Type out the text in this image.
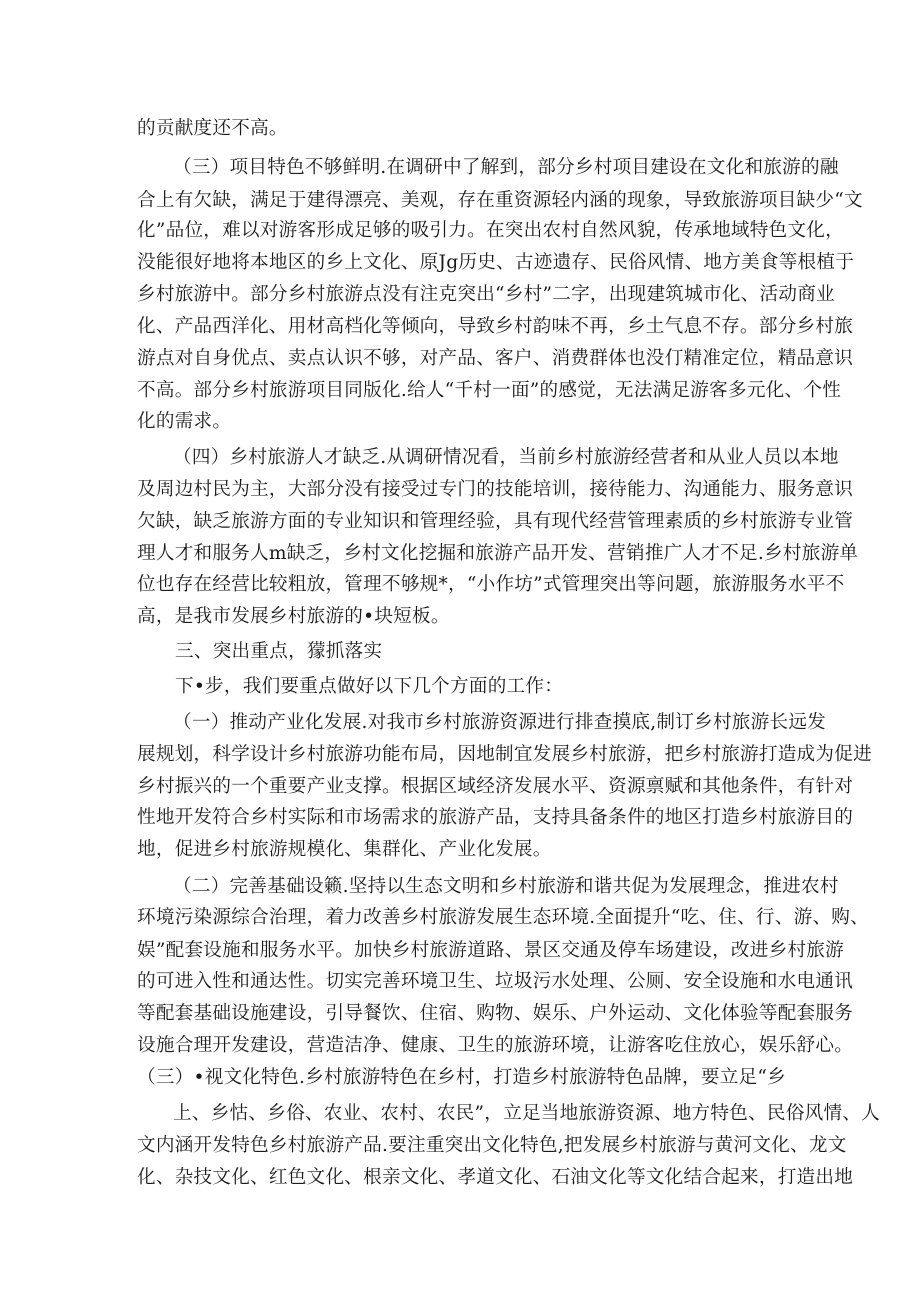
的贡献度还不高。
（三）项目特色不够鲜明.在调研中了解到，部分乡村项目建设在文化和旅游的融
合上有欠缺，满足于建得漂亮、美观，存在重资源轻内涵的现象，导致旅游项目缺少“文
化”品位，难以对游客形成足够的吸引力。在突出农村自然风貌，传承地域特色文化，
没能很好地将本地区的乡上文化、原Jg历史、古迹遗存、民俗风情、地方美食等根植于
乡村旅游中。部分乡村旅游点没有注克突出“乡村”二字，出现建筑城市化、活动商业
化、产品西洋化、用材高档化等倾向，导致乡村韵味不再，乡土气息不存。部分乡村旅
游点对自身优点、卖点认识不够，对产品、客户、消费群体也没仃精准定位，精品意识
不高。部分乡村旅游项目同版化.给人“千村一面”的感觉，无法满足游客多元化、个性
化的需求。
（四）乡村旅游人才缺乏.从调研情况看，当前乡村旅游经营者和从业人员以本地
及周边村民为主，大部分没有接受过专门的技能培训，接待能力、沟通能力、服务意识
欠缺，缺乏旅游方面的专业知识和管理经验，具有现代经营管理素质的乡村旅游专业管
理人才和服务人m缺乏，乡村文化挖掘和旅游产品开发、营销推广人才不足.乡村旅游单
位也存在经营比较粗放，管理不够规*，“小作坊”式管理突出等问题，旅游服务水平不
高，是我市发展乡村旅游的•块短板。
三、突出重点，獴抓落实
下•步，我们要重点做好以下几个方面的工作：
（一）推动产业化发展.对我市乡村旅游资源进行排查摸底,制订乡村旅游长远发
展规划，科学设计乡村旅游功能布局，因地制宜发展乡村旅游，把乡村旅游打造成为促进
乡村振兴的一个重要产业支撑。根据区域经济发展水平、资源禀赋和其他条件，有针对
性地开发符合乡村实际和市场需求的旅游产品，支持具备条件的地区打造乡村旅游目的
地，促进乡村旅游规模化、集群化、产业化发展。
（二）完善基础设籁.坚持以生态文明和乡村旅游和谐共促为发展理念，推进农村
环境污染源综合治理，着力改善乡村旅游发展生态环境.全面提升“吃、住、行、游、购、
娱”配套设施和服务水平。加快乡村旅游道路、景区交通及停车场建设，改进乡村旅游
的可进入性和通达性。切实完善环境卫生、垃圾污水处理、公厕、安全设施和水电通讯
等配套基础设施建设，引导餐饮、住宿、购物、娱乐、户外运动、文化体验等配套服务
设施合理开发建设，营造洁净、健康、卫生的旅游环境，让游客吃住放心，娱乐舒心。
（三）•视文化特色.乡村旅游特色在乡村，打造乡村旅游特色品牌，要立足“乡
上、乡怙、乡俗、农业、农村、农民”，立足当地旅游资源、地方特色、民俗风情、人
文内涵开发特色乡村旅游产品.要注重突出文化特色,把发展乡村旅游与黄河文化、龙文
化、杂技文化、红色文化、根亲文化、孝道文化、石油文化等文化结合起来，打造出地
